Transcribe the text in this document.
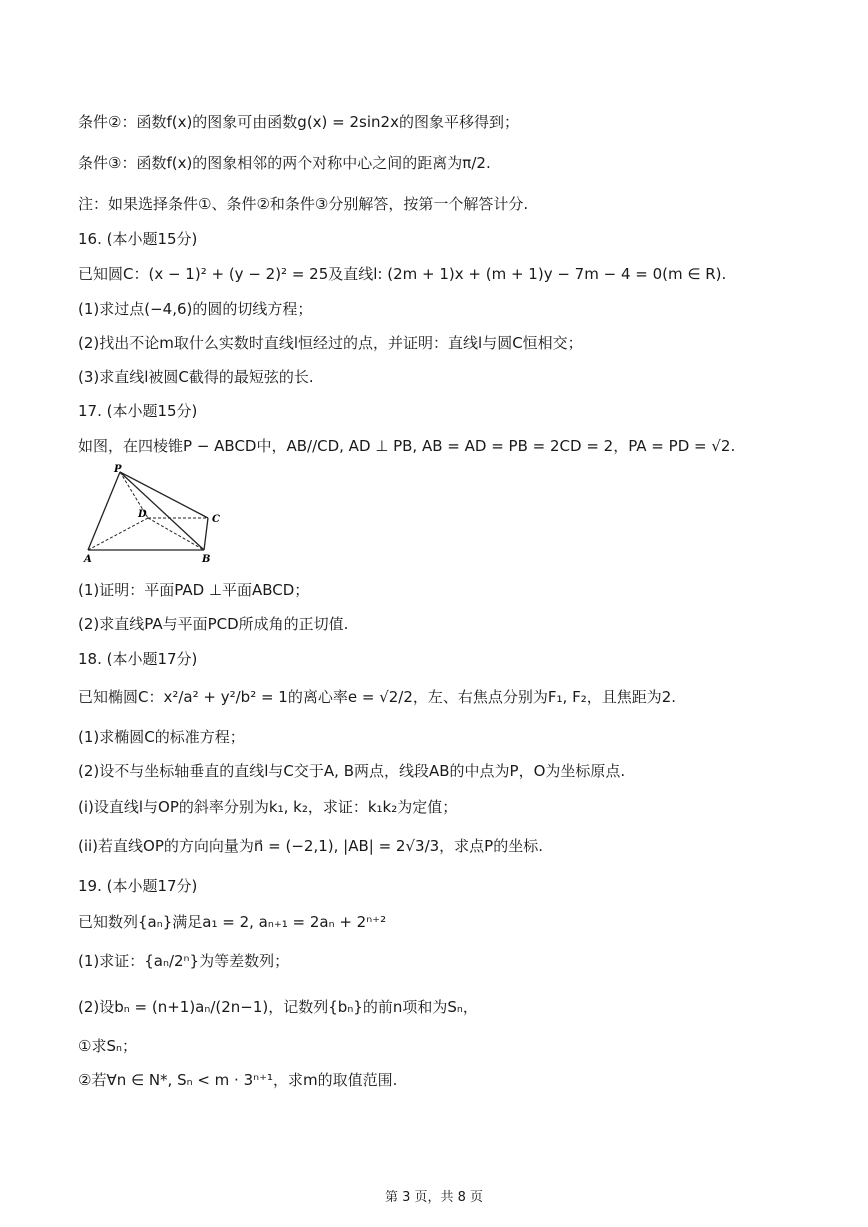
条件②：函数f(x)的图象可由函数g(x) = 2sin2x的图象平移得到；
条件③：函数f(x)的图象相邻的两个对称中心之间的距离为π/2.
注：如果选择条件①、条件②和条件③分别解答，按第一个解答计分.
16. (本小题15分)
已知圆C：(x − 1)² + (y − 2)² = 25及直线l: (2m + 1)x + (m + 1)y − 7m − 4 = 0(m ∈ R).
(1)求过点(−4,6)的圆的切线方程；
(2)找出不论m取什么实数时直线l恒经过的点，并证明：直线l与圆C恒相交；
(3)求直线l被圆C截得的最短弦的长.
17. (本小题15分)
如图，在四棱锥P − ABCD中，AB//CD, AD ⊥ PB, AB = AD = PB = 2CD = 2，PA = PD = √2.
P
D	C
A	B
(1)证明：平面PAD ⊥平面ABCD；
(2)求直线PA与平面PCD所成角的正切值.
18. (本小题17分)
已知椭圆C：x²/a² + y²/b² = 1的离心率e = √2/2，左、右焦点分别为F₁, F₂，且焦距为2.
(1)求椭圆C的标准方程；
(2)设不与坐标轴垂直的直线l与C交于A, B两点，线段AB的中点为P，O为坐标原点.
(i)设直线l与OP的斜率分别为k₁, k₂，求证：k₁k₂为定值；
(ii)若直线OP的方向向量为n⃗ = (−2,1), |AB| = 2√3/3，求点P的坐标.
19. (本小题17分)
已知数列{aₙ}满足a₁ = 2, aₙ₊₁ = 2aₙ + 2ⁿ⁺²
(1)求证：{aₙ/2ⁿ}为等差数列；
(2)设bₙ = (n+1)aₙ/(2n−1)，记数列{bₙ}的前n项和为Sₙ，
①求Sₙ；
②若∀n ∈ N*, Sₙ < m · 3ⁿ⁺¹，求m的取值范围.
第 3 页，共 8 页
